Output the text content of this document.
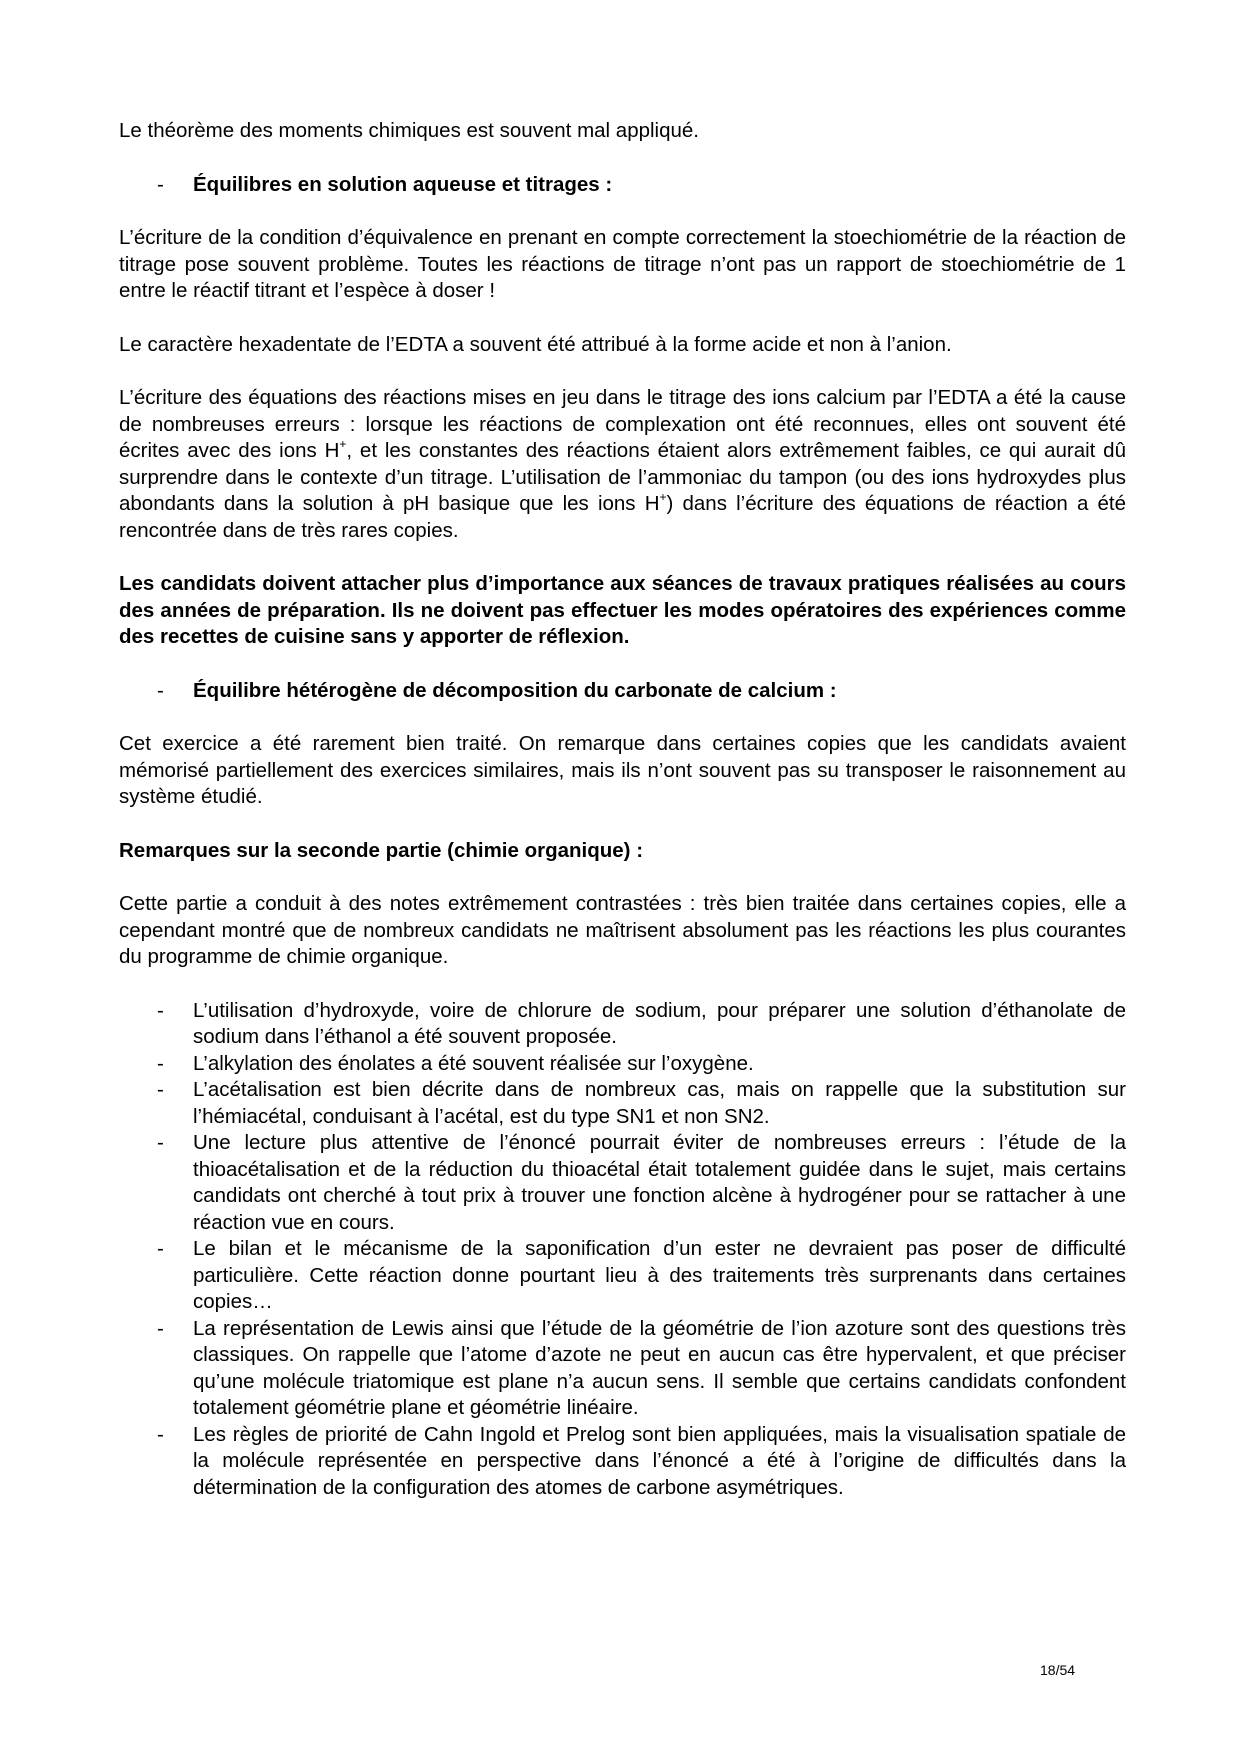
Le théorème des moments chimiques est souvent mal appliqué.

- Équilibres en solution aqueuse et titrages :

L’écriture de la condition d’équivalence en prenant en compte correctement la stoechiométrie de la réaction de titrage pose souvent problème. Toutes les réactions de titrage n’ont pas un rapport de stoechiométrie de 1 entre le réactif titrant et l’espèce à doser !

Le caractère hexadentate de l’EDTA a souvent été attribué à la forme acide et non à l’anion.

L’écriture des équations des réactions mises en jeu dans le titrage des ions calcium par l’EDTA a été la cause de nombreuses erreurs : lorsque les réactions de complexation ont été reconnues, elles ont souvent été écrites avec des ions H+, et les constantes des réactions étaient alors extrêmement faibles, ce qui aurait dû surprendre dans le contexte d’un titrage. L’utilisation de l’ammoniac du tampon (ou des ions hydroxydes plus abondants dans la solution à pH basique que les ions H+) dans l’écriture des équations de réaction a été rencontrée dans de très rares copies.

Les candidats doivent attacher plus d’importance aux séances de travaux pratiques réalisées au cours des années de préparation. Ils ne doivent pas effectuer les modes opératoires des expériences comme des recettes de cuisine sans y apporter de réflexion.

- Équilibre hétérogène de décomposition du carbonate de calcium :

Cet exercice a été rarement bien traité. On remarque dans certaines copies que les candidats avaient mémorisé partiellement des exercices similaires, mais ils n’ont souvent pas su transposer le raisonnement au système étudié.

Remarques sur la seconde partie (chimie organique) :

Cette partie a conduit à des notes extrêmement contrastées : très bien traitée dans certaines copies, elle a cependant montré que de nombreux candidats ne maîtrisent absolument pas les réactions les plus courantes du programme de chimie organique.

- L’utilisation d’hydroxyde, voire de chlorure de sodium, pour préparer une solution d’éthanolate de sodium dans l’éthanol a été souvent proposée.
- L’alkylation des énolates a été souvent réalisée sur l’oxygène.
- L’acétalisation est bien décrite dans de nombreux cas, mais on rappelle que la substitution sur l’hémiacétal, conduisant à l’acétal, est du type SN1 et non SN2.
- Une lecture plus attentive de l’énoncé pourrait éviter de nombreuses erreurs : l’étude de la thioacétalisation et de la réduction du thioacétal était totalement guidée dans le sujet, mais certains candidats ont cherché à tout prix à trouver une fonction alcène à hydrogéner pour se rattacher à une réaction vue en cours.
- Le bilan et le mécanisme de la saponification d’un ester ne devraient pas poser de difficulté particulière. Cette réaction donne pourtant lieu à des traitements très surprenants dans certaines copies…
- La représentation de Lewis ainsi que l’étude de la géométrie de l’ion azoture sont des questions très classiques. On rappelle que l’atome d’azote ne peut en aucun cas être hypervalent, et que préciser qu’une molécule triatomique est plane n’a aucun sens. Il semble que certains candidats confondent totalement géométrie plane et géométrie linéaire.
- Les règles de priorité de Cahn Ingold et Prelog sont bien appliquées, mais la visualisation spatiale de la molécule représentée en perspective dans l’énoncé a été à l’origine de difficultés dans la détermination de la configuration des atomes de carbone asymétriques.
18/54
